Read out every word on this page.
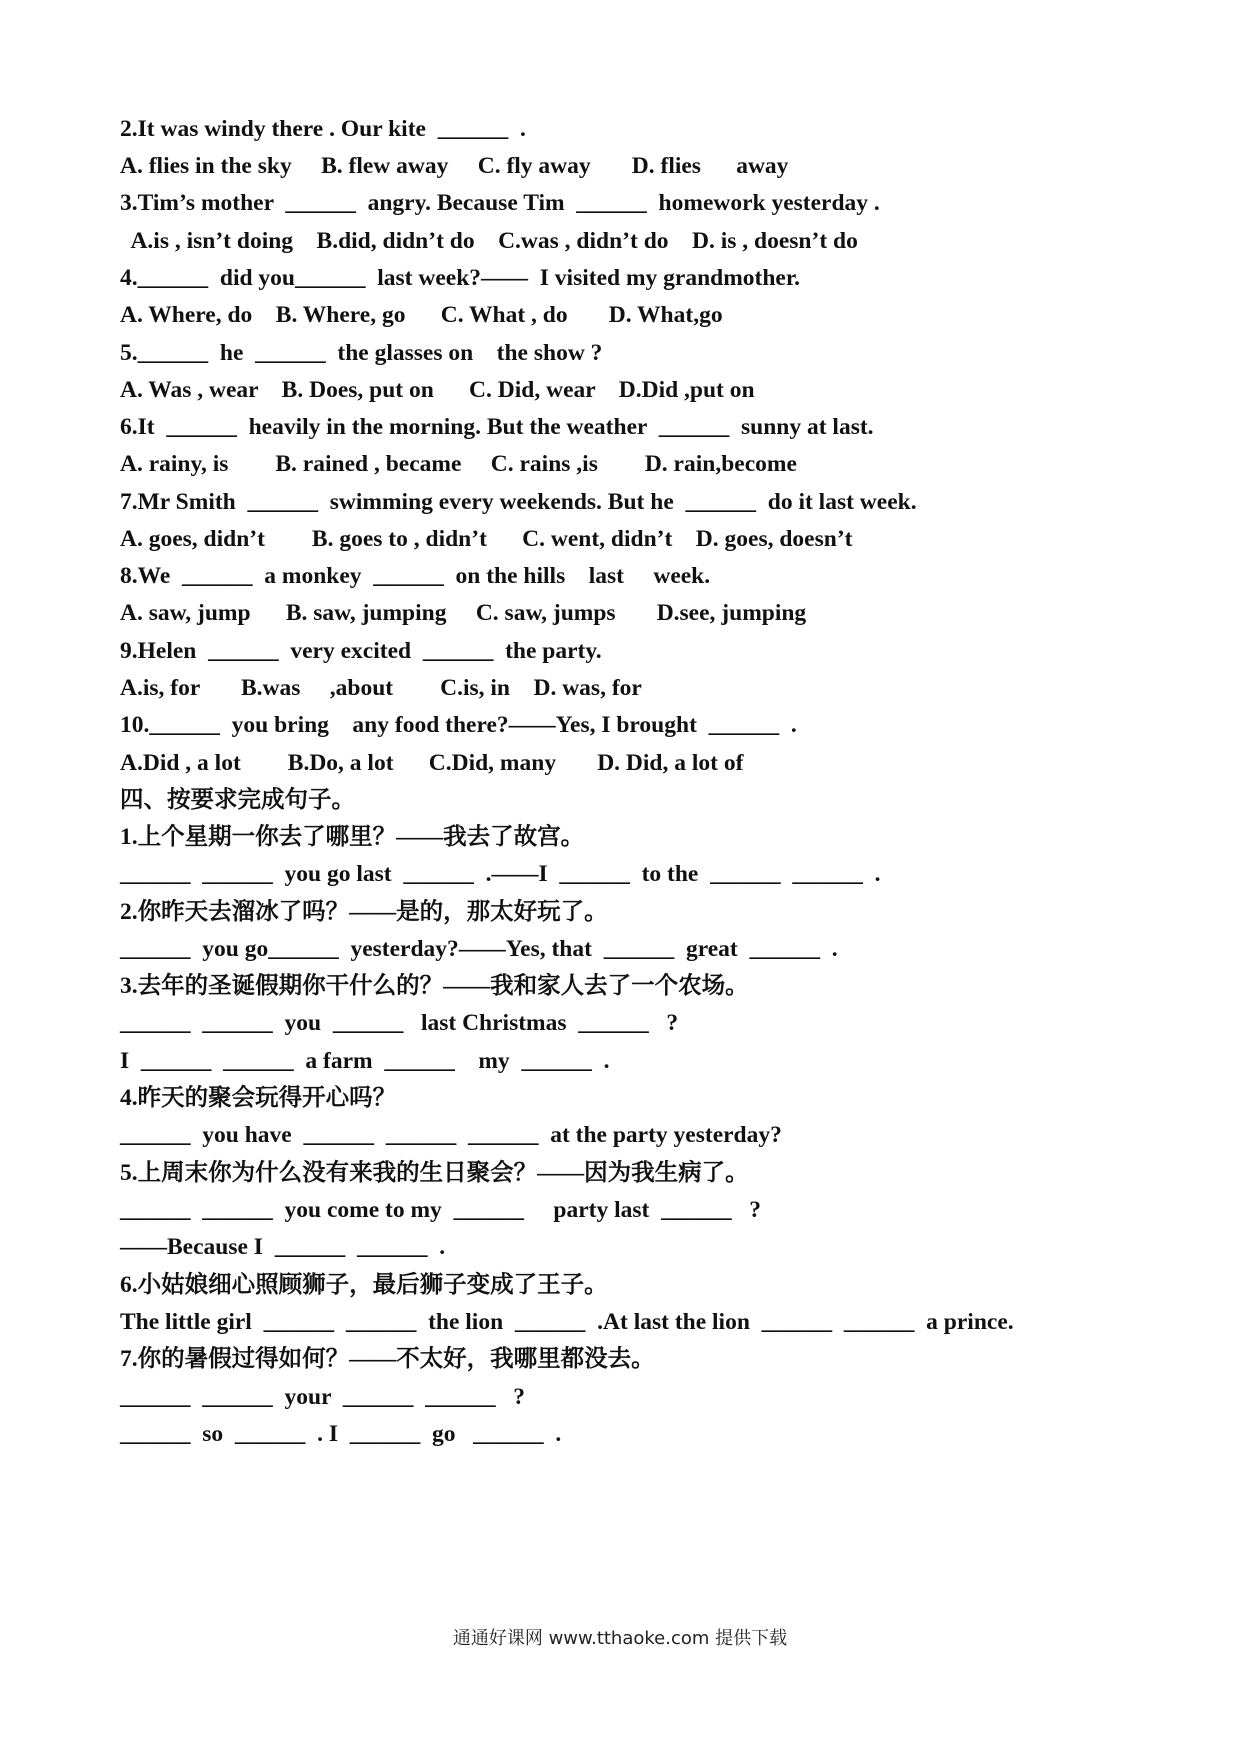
2.It was windy there . Our kite  ______  .
A. flies in the sky     B. flew away     C. fly away       D. flies      away
3.Tim’s mother  ______  angry. Because Tim  ______  homework yesterday .
A.is , isn’t doing    B.did, didn’t do    C.was , didn’t do    D. is , doesn’t do
4.______  did you______  last week?——  I visited my grandmother.
A. Where, do    B. Where, go      C. What , do       D. What,go
5.______  he  ______  the glasses on    the show ?
A. Was , wear    B. Does, put on      C. Did, wear    D.Did ,put on
6.It  ______  heavily in the morning. But the weather  ______  sunny at last.
A. rainy, is        B. rained , became     C. rains ,is        D. rain,become
7.Mr Smith  ______  swimming every weekends. But he  ______  do it last week.
A. goes, didn’t        B. goes to , didn’t      C. went, didn’t    D. goes, doesn’t
8.We  ______  a monkey  ______  on the hills    last     week.
A. saw, jump      B. saw, jumping     C. saw, jumps       D.see, jumping
9.Helen  ______  very excited  ______  the party.
A.is, for       B.was     ,about        C.is, in    D. was, for
10.______  you bring    any food there?——Yes, I brought  ______  .
A.Did , a lot        B.Do, a lot      C.Did, many       D. Did, a lot of
四、按要求完成句子。
1.上个星期一你去了哪里？——我去了故宫。
______  ______  you go last  ______  .——I  ______  to the  ______  ______  .
2.你昨天去溜冰了吗？——是的，那太好玩了。
______  you go______  yesterday?——Yes, that  ______  great  ______  .
3.去年的圣诞假期你干什么的？——我和家人去了一个农场。
______  ______  you  ______   last Christmas  ______   ?
I  ______  ______  a farm  ______    my  ______  .
4.昨天的聚会玩得开心吗？
______  you have  ______  ______  ______  at the party yesterday?
5.上周末你为什么没有来我的生日聚会？——因为我生病了。
______  ______  you come to my  ______     party last  ______   ?
——Because I  ______  ______  .
6.小姑娘细心照顾狮子，最后狮子变成了王子。
The little girl  ______  ______  the lion  ______  .At last the lion  ______  ______  a prince.
7.你的暑假过得如何？——不太好，我哪里都没去。
______  ______  your  ______  ______   ?
______  so  ______  . I  ______  go   ______  .
通通好课网 www.tthaoke.com 提供下载
